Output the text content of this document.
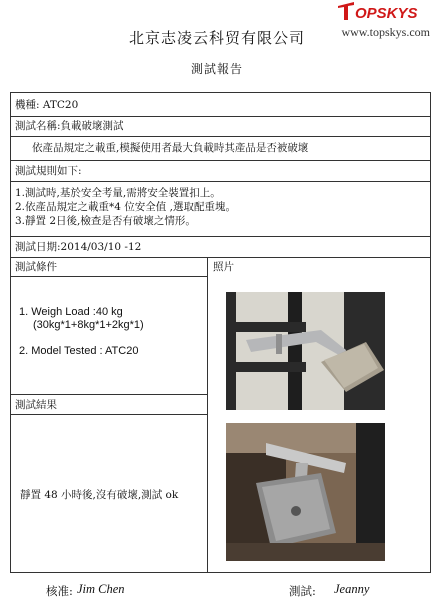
北京志凌云科贸有限公司
OPSKYS
www.topskys.com
測試報告
機種: ATC20
測試名稱:負載破壞測試
依產品規定之載重,模擬使用者最大負載時其產品是否被破壞
測試規則如下:
1.測試時,基於安全考量,需將安全裝置扣上。
2.依產品規定之載重*4 位安全值 ,選取配重塊。
3.靜置 2日後,檢查是否有破壞之情形。
測試日期:2014/03/10 -12
測試條件
1. Weigh Load :40 kg
(30kg*1+8kg*1+2kg*1)
2. Model Tested : ATC20
照片
測試結果
靜置 48 小時後,沒有破壞,測試 ok
核准: Jim Chen	測試: Jeanny
